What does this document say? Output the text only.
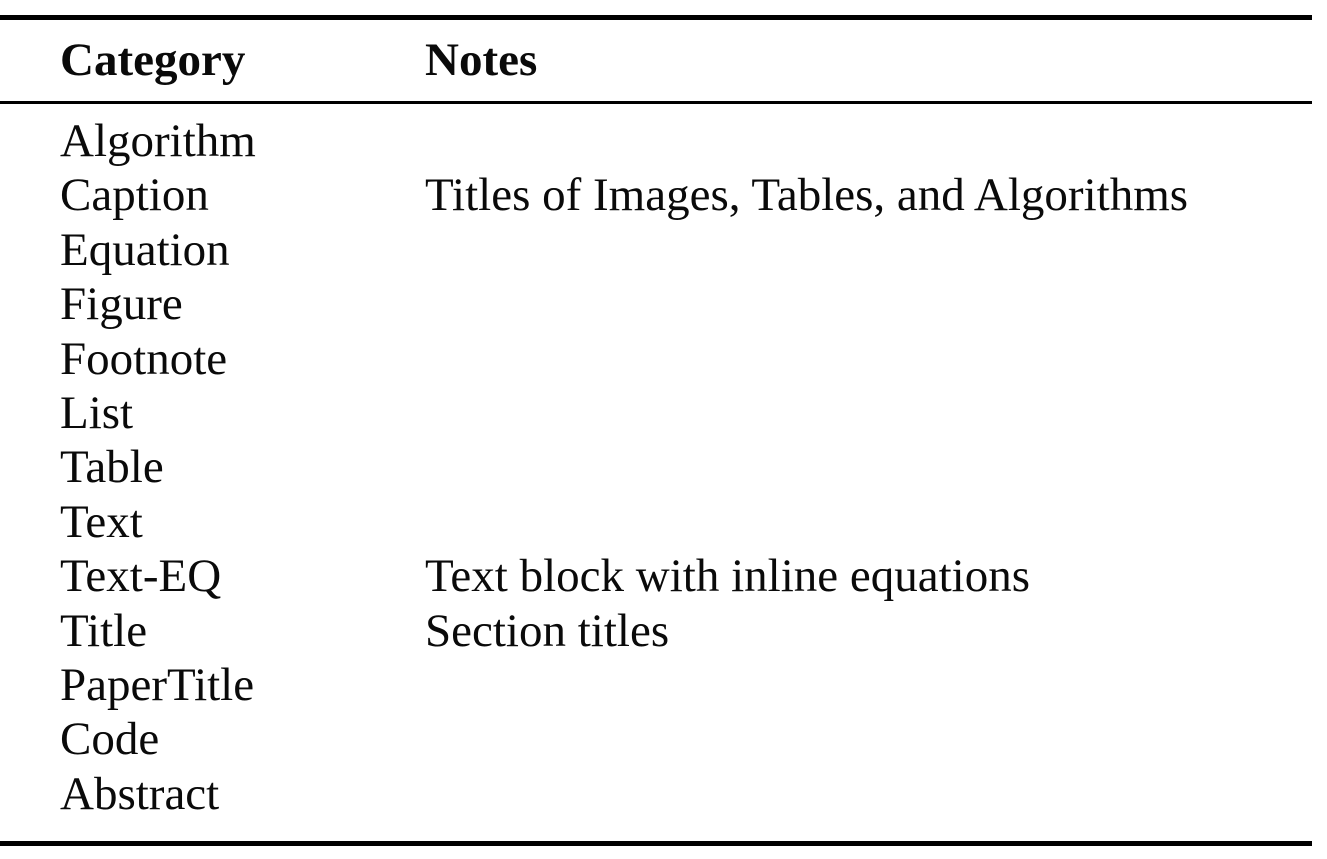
Category	Notes
Algorithm
Caption	Titles of Images, Tables, and Algorithms
Equation
Figure
Footnote
List
Table
Text
Text-EQ	Text block with inline equations
Title	Section titles
PaperTitle
Code
Abstract
